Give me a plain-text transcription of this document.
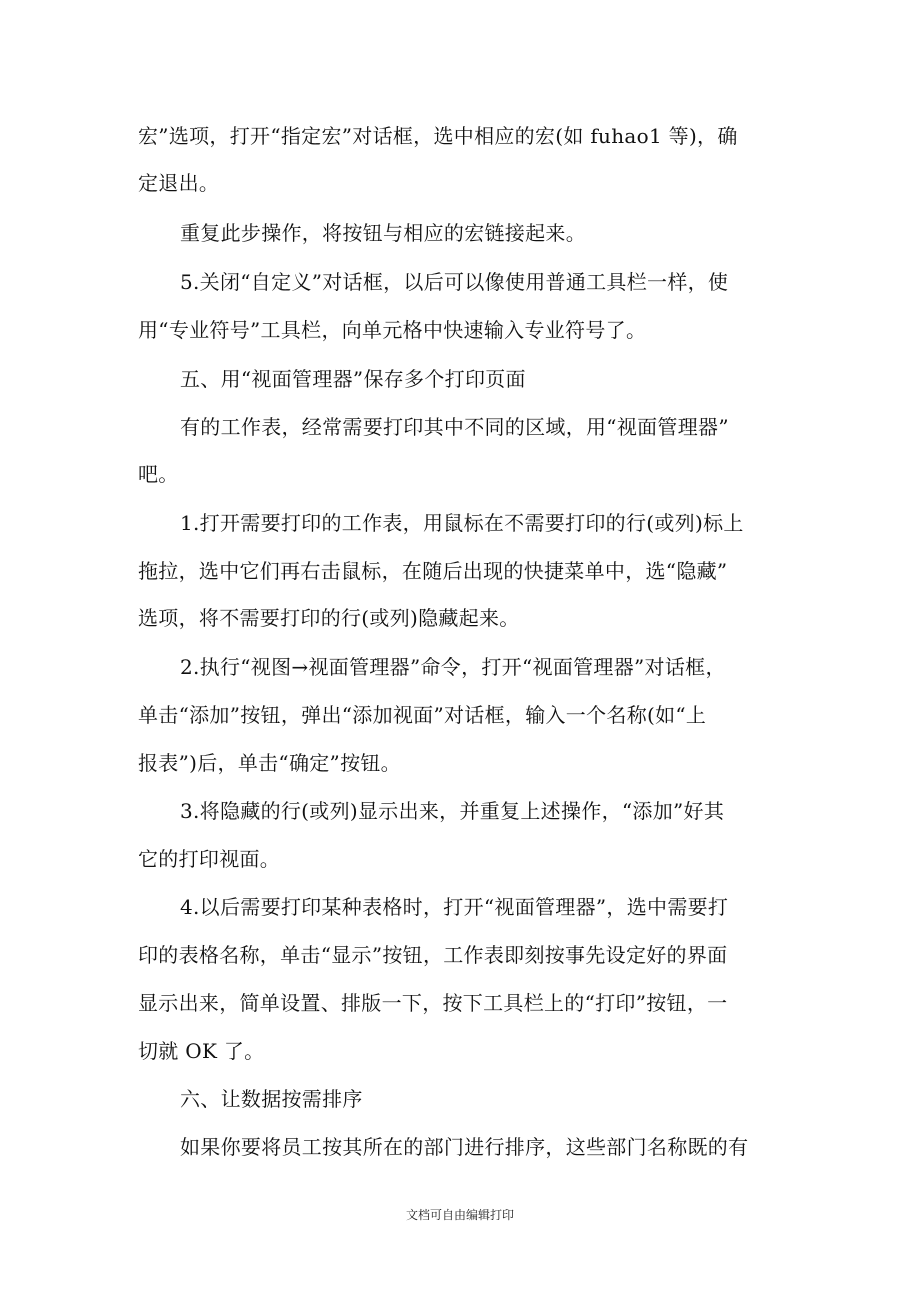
宏”选项，打开“指定宏”对话框，选中相应的宏(如 fuhao1 等)，确
定退出。
重复此步操作，将按钮与相应的宏链接起来。
5.关闭“自定义”对话框，以后可以像使用普通工具栏一样，使
用“专业符号”工具栏，向单元格中快速输入专业符号了。
五、用“视面管理器”保存多个打印页面
有的工作表，经常需要打印其中不同的区域，用“视面管理器”
吧。
1.打开需要打印的工作表，用鼠标在不需要打印的行(或列)标上
拖拉，选中它们再右击鼠标，在随后出现的快捷菜单中，选“隐藏”
选项，将不需要打印的行(或列)隐藏起来。
2.执行“视图→视面管理器”命令，打开“视面管理器”对话框，
单击“添加”按钮，弹出“添加视面”对话框，输入一个名称(如“上
报表”)后，单击“确定”按钮。
3.将隐藏的行(或列)显示出来，并重复上述操作，“添加”好其
它的打印视面。
4.以后需要打印某种表格时，打开“视面管理器”，选中需要打
印的表格名称，单击“显示”按钮，工作表即刻按事先设定好的界面
显示出来，简单设置、排版一下，按下工具栏上的“打印”按钮，一
切就 OK 了。
六、让数据按需排序
如果你要将员工按其所在的部门进行排序，这些部门名称既的有
文档可自由编辑打印
